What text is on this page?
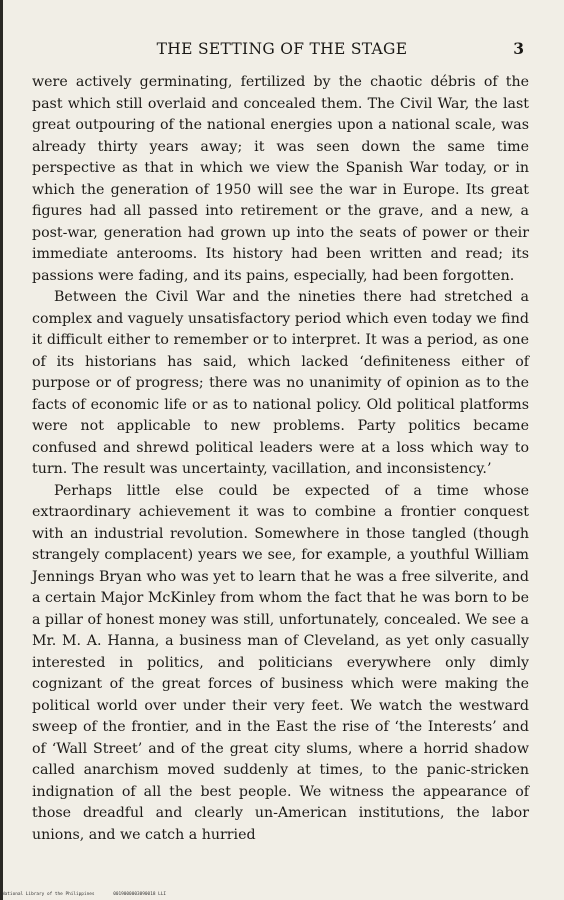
THE SETTING OF THE STAGE	3

were actively germinating, fertilized by the chaotic débris of the past which still overlaid and concealed them. The Civil War, the last great outpouring of the national energies upon a national scale, was already thirty years away; it was seen down the same time perspective as that in which we view the Spanish War today, or in which the generation of 1950 will see the war in Europe. Its great figures had all passed into retirement or the grave, and a new, a post-war, generation had grown up into the seats of power or their immediate anterooms. Its history had been written and read; its passions were fading, and its pains, especially, had been forgotten.

Between the Civil War and the nineties there had stretched a complex and vaguely unsatisfactory period which even today we find it difficult either to remember or to interpret. It was a period, as one of its historians has said, which lacked ‘definiteness either of purpose or of progress; there was no unanimity of opinion as to the facts of economic life or as to national policy. Old political platforms were not applicable to new problems. Party politics became confused and shrewd political leaders were at a loss which way to turn. The result was uncertainty, vacillation, and inconsistency.’

Perhaps little else could be expected of a time whose extraordinary achievement it was to combine a frontier conquest with an industrial revolution. Somewhere in those tangled (though strangely complacent) years we see, for example, a youthful William Jennings Bryan who was yet to learn that he was a free silverite, and a certain Major McKinley from whom the fact that he was born to be a pillar of honest money was still, unfortunately, concealed. We see a Mr. M. A. Hanna, a business man of Cleveland, as yet only casually interested in politics, and politicians everywhere only dimly cognizant of the great forces of business which were making the political world over under their very feet. We watch the westward sweep of the frontier, and in the East the rise of ‘the Interests’ and of ‘Wall Street’ and of the great city slums, where a horrid shadow called anarchism moved suddenly at times, to the panic-stricken indignation of all the best people. We witness the appearance of those dreadful and clearly un-American institutions, the labor unions, and we catch a hurried

National Library of the Philippines	0019000003090018 LLI
